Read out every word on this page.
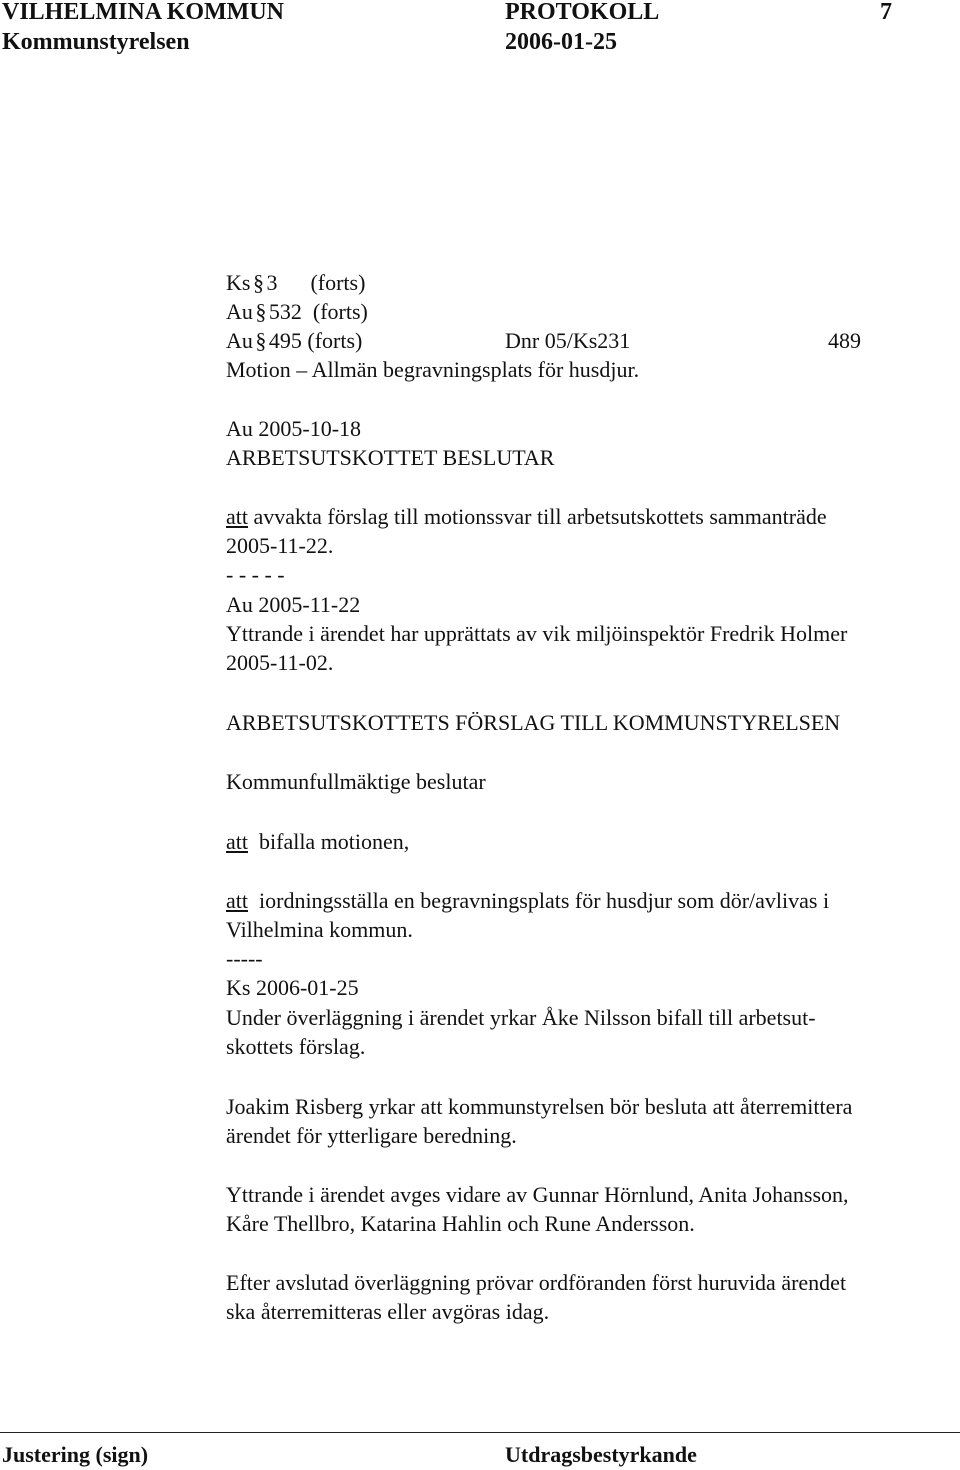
VILHELMINA KOMMUN	PROTOKOLL	7
Kommunstyrelsen	2006-01-25
Ks § 3 (forts)
Au § 532 (forts)
Au § 495 (forts)	Dnr 05/Ks231	489
Motion – Allmän begravningsplats för husdjur.
Au 2005-10-18
ARBETSUTSKOTTET BESLUTAR
att avvakta förslag till motionssvar till arbetsutskottets sammanträde
2005-11-22.
- - - - -
Au 2005-11-22
Yttrande i ärendet har upprättats av vik miljöinspektör Fredrik Holmer
2005-11-02.
ARBETSUTSKOTTETS FÖRSLAG TILL KOMMUNSTYRELSEN
Kommunfullmäktige beslutar
att  bifalla motionen,
att  iordningsställa en begravningsplats för husdjur som dör/avlivas i
Vilhelmina kommun.
-----
Ks 2006-01-25
Under överläggning i ärendet yrkar Åke Nilsson bifall till arbetsut-
skottets förslag.
Joakim Risberg yrkar att kommunstyrelsen bör besluta att återremittera
ärendet för ytterligare beredning.
Yttrande i ärendet avges vidare av Gunnar Hörnlund, Anita Johansson,
Kåre Thellbro, Katarina Hahlin och Rune Andersson.
Efter avslutad överläggning prövar ordföranden först huruvida ärendet
ska återremitteras eller avgöras idag.
Justering (sign)	Utdragsbestyrkande
